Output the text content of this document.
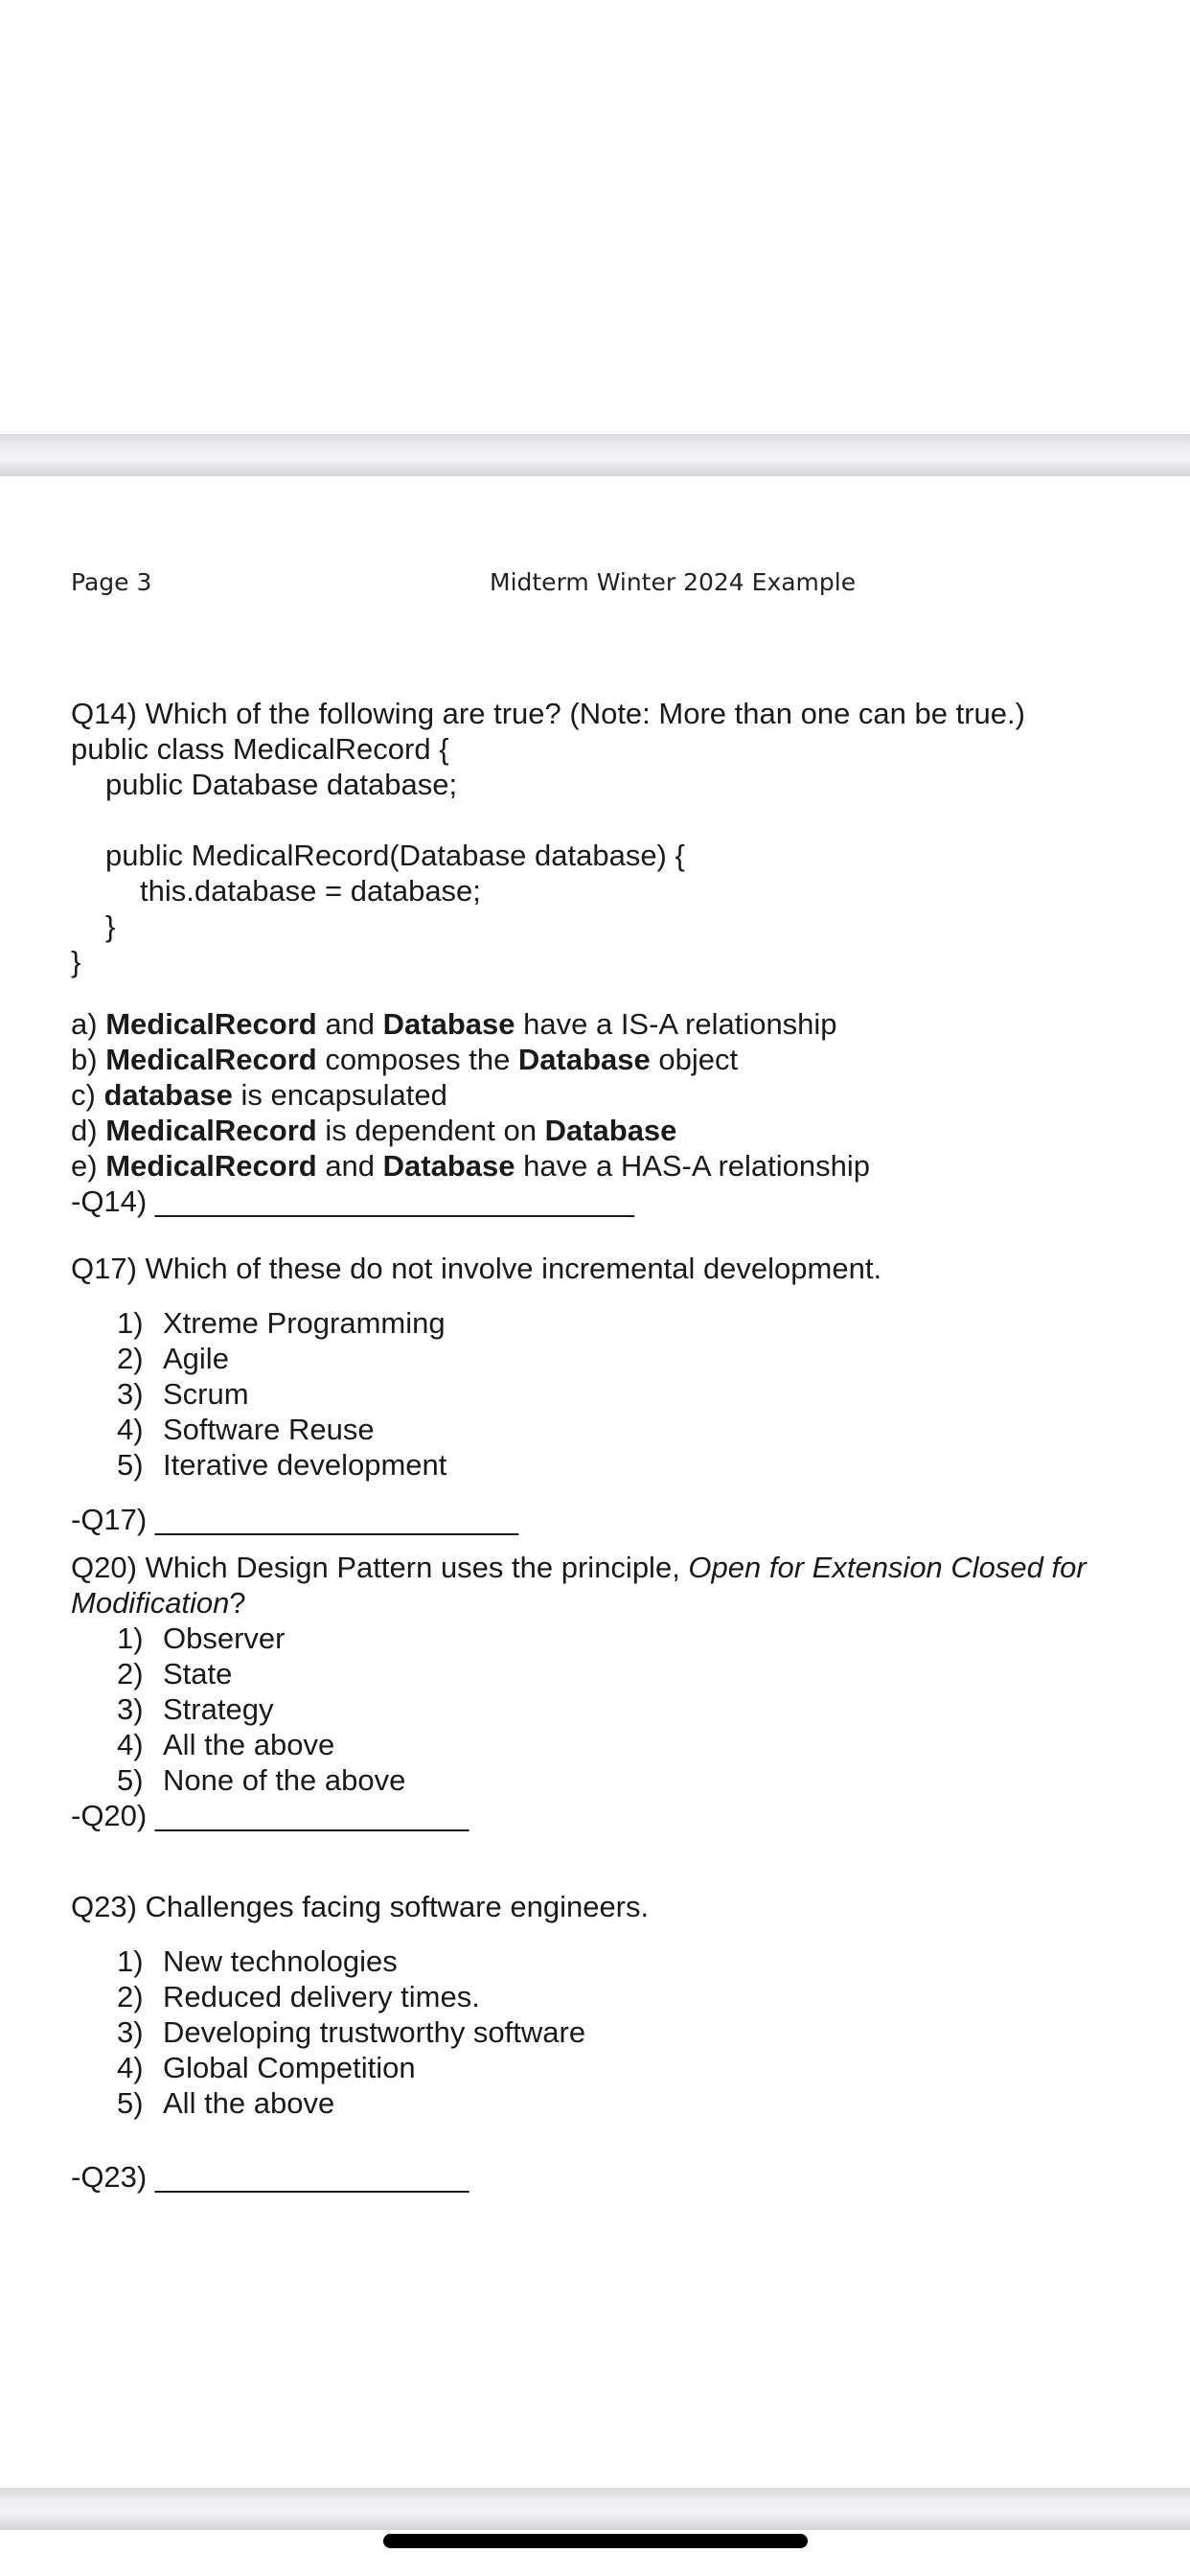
Page 3	Midterm Winter 2024 Example
Q14) Which of the following are true? (Note: More than one can be true.)
public class MedicalRecord {
public Database database;
public MedicalRecord(Database database) {
this.database = database;
}
}
a) MedicalRecord and Database have a IS-A relationship
b) MedicalRecord composes the Database object
c) database is encapsulated
d) MedicalRecord is dependent on Database
e) MedicalRecord and Database have a HAS-A relationship
-Q14) _____________________________
Q17) Which of these do not involve incremental development.
1) Xtreme Programming
2) Agile
3) Scrum
4) Software Reuse
5) Iterative development
-Q17) ______________________
Q20) Which Design Pattern uses the principle, Open for Extension Closed for Modification?
1) Observer
2) State
3) Strategy
4) All the above
5) None of the above
-Q20) ___________________
Q23) Challenges facing software engineers.
1) New technologies
2) Reduced delivery times.
3) Developing trustworthy software
4) Global Competition
5) All the above
-Q23) ___________________
